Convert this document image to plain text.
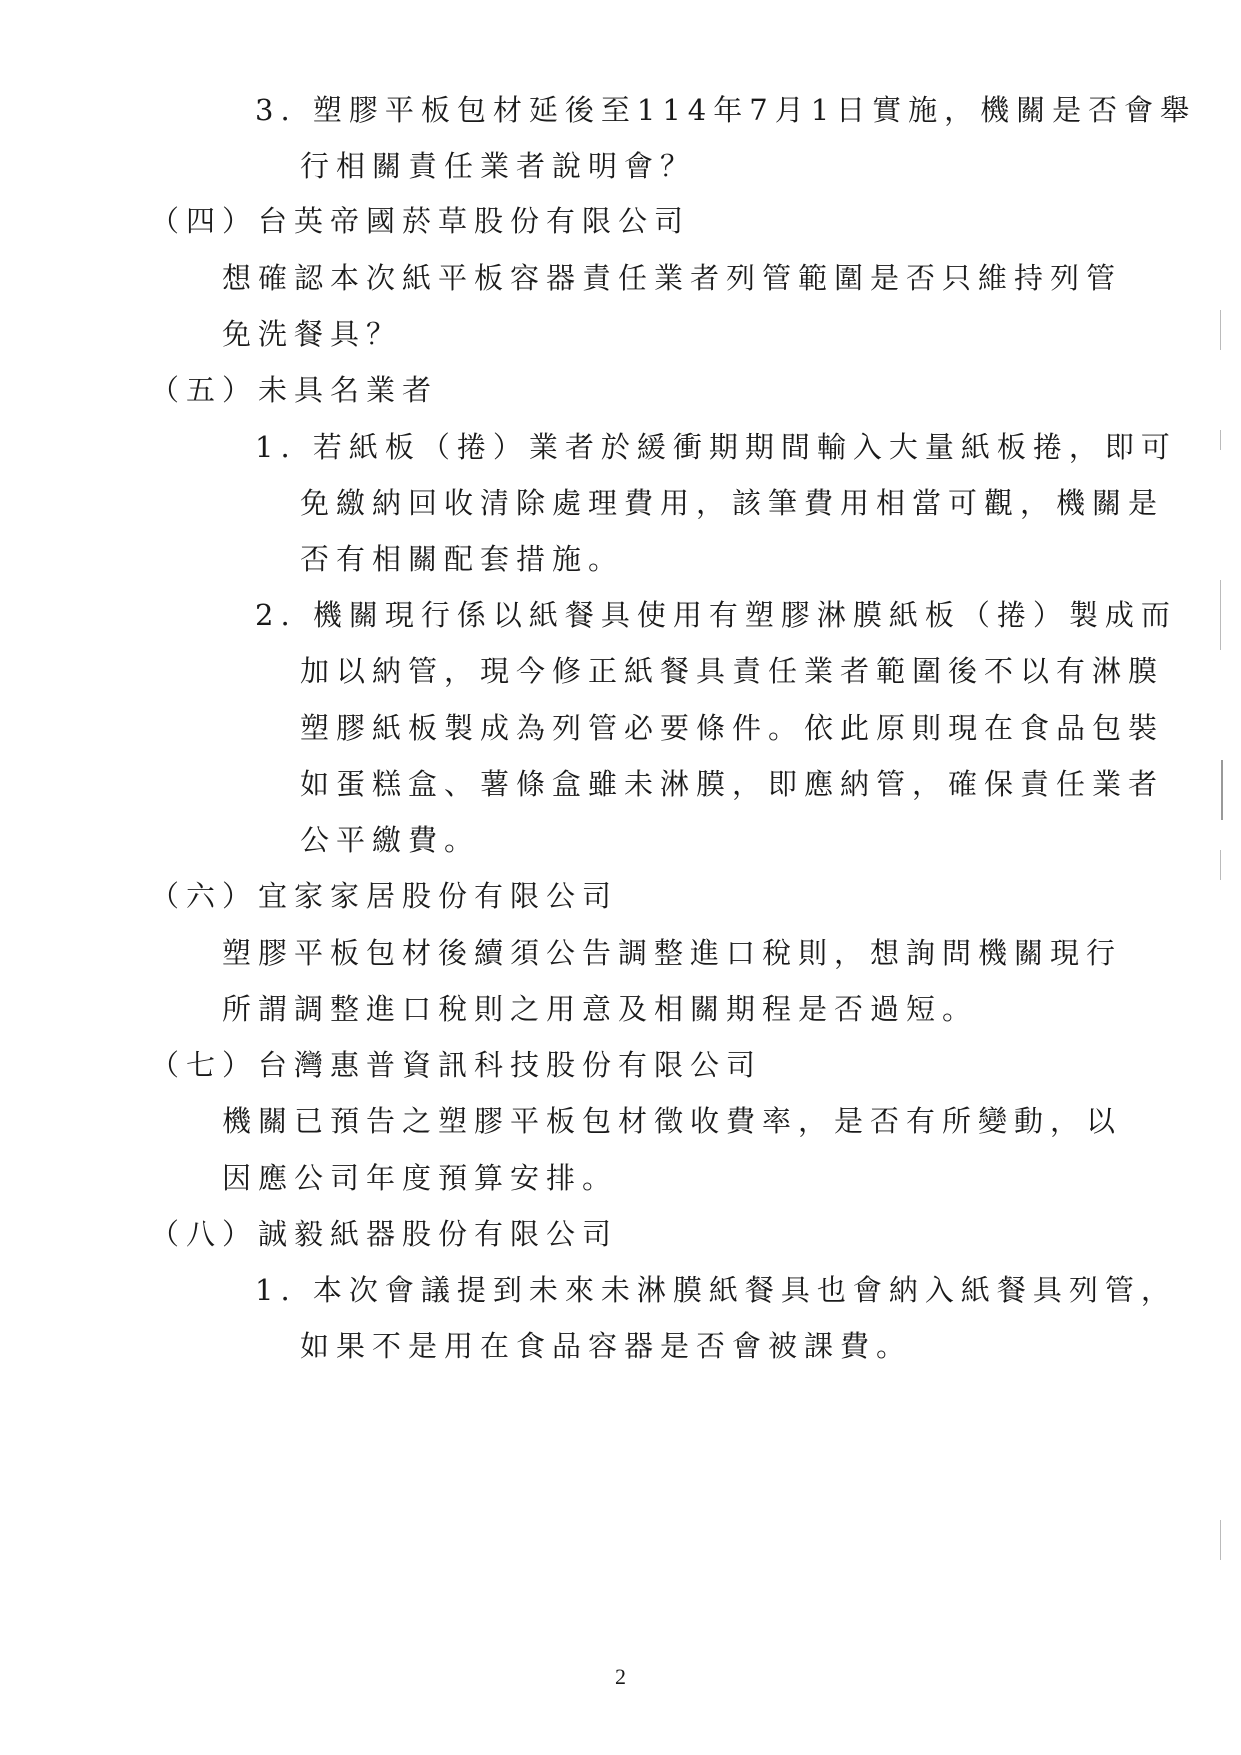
3. 塑膠平板包材延後至114年7月1日實施，機關是否會舉
行相關責任業者說明會？
（四）台英帝國菸草股份有限公司
想確認本次紙平板容器責任業者列管範圍是否只維持列管
免洗餐具？
（五）未具名業者
1. 若紙板（捲）業者於緩衝期期間輸入大量紙板捲，即可
免繳納回收清除處理費用，該筆費用相當可觀，機關是
否有相關配套措施。
2. 機關現行係以紙餐具使用有塑膠淋膜紙板（捲）製成而
加以納管，現今修正紙餐具責任業者範圍後不以有淋膜
塑膠紙板製成為列管必要條件。依此原則現在食品包裝
如蛋糕盒、薯條盒雖未淋膜，即應納管，確保責任業者
公平繳費。
（六）宜家家居股份有限公司
塑膠平板包材後續須公告調整進口稅則，想詢問機關現行
所謂調整進口稅則之用意及相關期程是否過短。
（七）台灣惠普資訊科技股份有限公司
機關已預告之塑膠平板包材徵收費率，是否有所變動，以
因應公司年度預算安排。
（八）誠毅紙器股份有限公司
1. 本次會議提到未來未淋膜紙餐具也會納入紙餐具列管，
如果不是用在食品容器是否會被課費。
2
